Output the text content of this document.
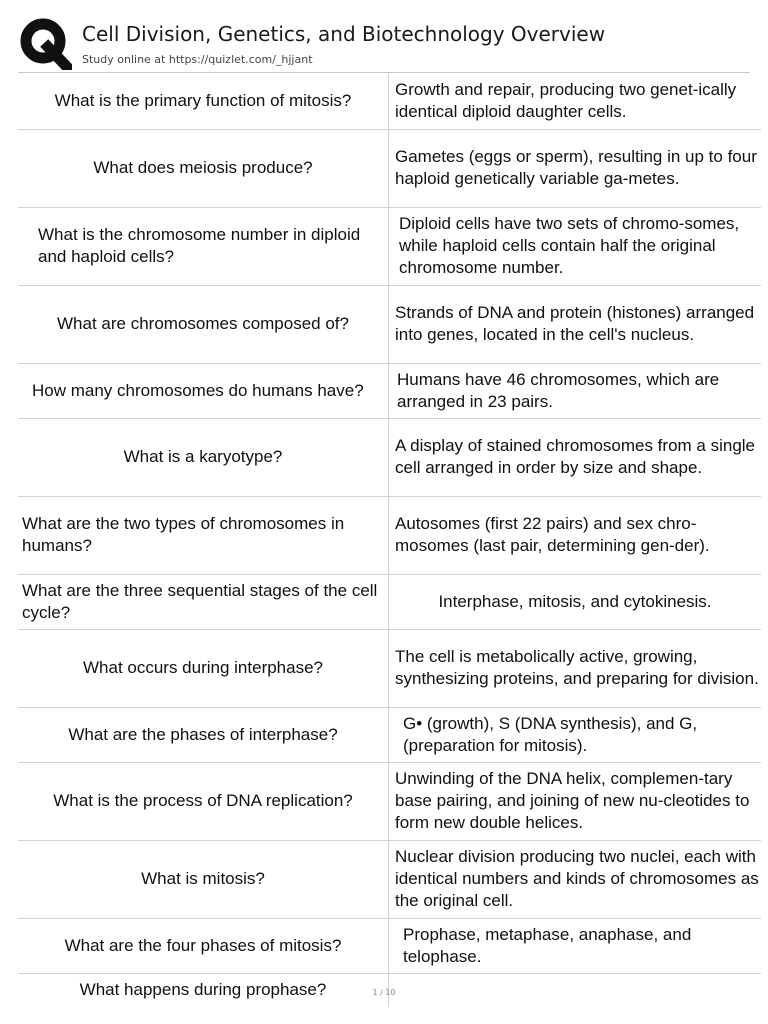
Cell Division, Genetics, and Biotechnology Overview
Study online at https://quizlet.com/_hjjant
What is the primary function of mitosis?	Growth and repair, producing two genet-ically identical diploid daughter cells.
What does meiosis produce?	Gametes (eggs or sperm), resulting in up to four haploid genetically variable ga-metes.
What is the chromosome number in diploid and haploid cells?	Diploid cells have two sets of chromo-somes, while haploid cells contain half the original chromosome number.
What are chromosomes composed of?	Strands of DNA and protein (histones) arranged into genes, located in the cell's nucleus.
How many chromosomes do humans have?	Humans have 46 chromosomes, which are arranged in 23 pairs.
What is a karyotype?	A display of stained chromosomes from a single cell arranged in order by size and shape.
What are the two types of chromosomes in humans?	Autosomes (first 22 pairs) and sex chro-mosomes (last pair, determining gen-der).
What are the three sequential stages of the cell cycle?	Interphase, mitosis, and cytokinesis.
What occurs during interphase?	The cell is metabolically active, growing, synthesizing proteins, and preparing for division.
What are the phases of interphase?	G• (growth), S (DNA synthesis), and G, (preparation for mitosis).
What is the process of DNA replication?	Unwinding of the DNA helix, complemen-tary base pairing, and joining of new nu-cleotides to form new double helices.
What is mitosis?	Nuclear division producing two nuclei, each with identical numbers and kinds of chromosomes as the original cell.
What are the four phases of mitosis?	Prophase, metaphase, anaphase, and telophase.
What happens during prophase?		1 / 10
